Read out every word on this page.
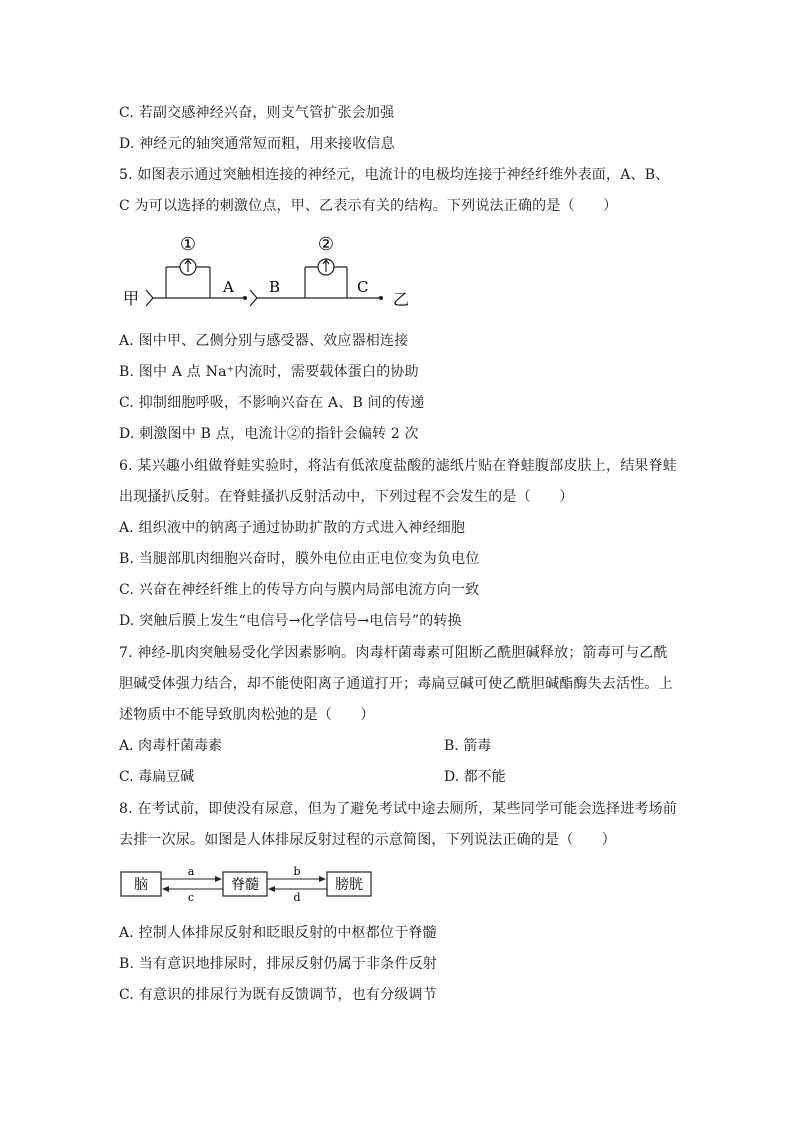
C. 若副交感神经兴奋，则支气管扩张会加强
D. 神经元的轴突通常短而粗，用来接收信息
5. 如图表示通过突触相连接的神经元，电流计的电极均连接于神经纤维外表面，A、B、
C 为可以选择的刺激位点，甲、乙表示有关的结构。下列说法正确的是（　　）
①	②
甲
A B	C
乙
A. 图中甲、乙侧分别与感受器、效应器相连接
B. 图中 A 点 Na⁺内流时，需要载体蛋白的协助
C. 抑制细胞呼吸，不影响兴奋在 A、B 间的传递
D. 刺激图中 B 点，电流计②的指针会偏转 2 次
6. 某兴趣小组做脊蛙实验时，将沾有低浓度盐酸的滤纸片贴在脊蛙腹部皮肤上，结果脊蛙
出现搔扒反射。在脊蛙搔扒反射活动中，下列过程不会发生的是（　　）
A. 组织液中的钠离子通过协助扩散的方式进入神经细胞
B. 当腿部肌肉细胞兴奋时，膜外电位由正电位变为负电位
C. 兴奋在神经纤维上的传导方向与膜内局部电流方向一致
D. 突触后膜上发生“电信号→化学信号→电信号”的转换
7. 神经-肌肉突触易受化学因素影响。肉毒杆菌毒素可阻断乙酰胆碱释放；箭毒可与乙酰
胆碱受体强力结合，却不能使阳离子通道打开；毒扁豆碱可使乙酰胆碱酯酶失去活性。上
述物质中不能导致肌肉松弛的是（　　）
A. 肉毒杆菌毒素	B. 箭毒
C. 毒扁豆碱	D. 都不能
8. 在考试前，即使没有尿意，但为了避免考试中途去厕所，某些同学可能会选择进考场前
去排一次尿。如图是人体排尿反射过程的示意简图，下列说法正确的是（　　）
脑	脊髓	膀胱
a
c
b
d
A. 控制人体排尿反射和眨眼反射的中枢都位于脊髓
B. 当有意识地排尿时，排尿反射仍属于非条件反射
C. 有意识的排尿行为既有反馈调节，也有分级调节
